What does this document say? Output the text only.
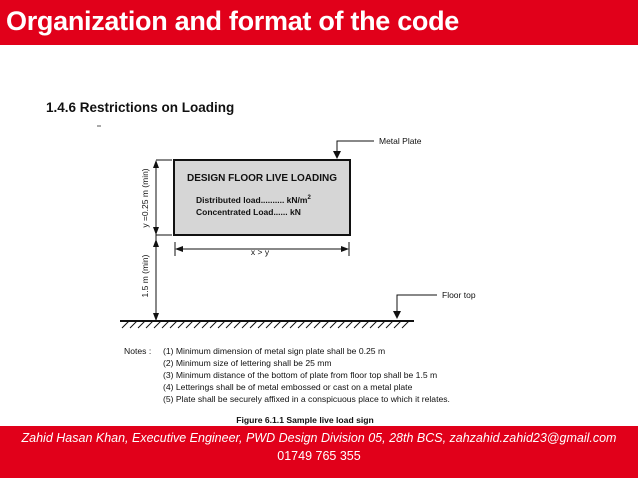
Organization and format of the code
1.4.6 Restrictions on Loading
DESIGN FLOOR LIVE LOADING
Distributed load.......... $kN/m^2$
Concentrated Load...... kN
Metal Plate
x > y
y =0.25 m (min)
1.5 m (min)	Floor top
Notes : (1) Minimum dimension of metal sign plate shall be 0.25 m
(2) Minimum size of lettering shall be 25 mm
(3) Minimum distance of the bottom of plate from floor top shall be 1.5 m
(4) Letterings shall be of metal embossed or cast on a metal plate
(5) Plate shall be securely affixed in a conspicuous place to which it relates.
Figure 6.1.1 Sample live load sign
Zahid Hasan Khan, Executive Engineer, PWD Design Division 05, 28th BCS, zahzahid.zahid23@gmail.com
01749 765 355
